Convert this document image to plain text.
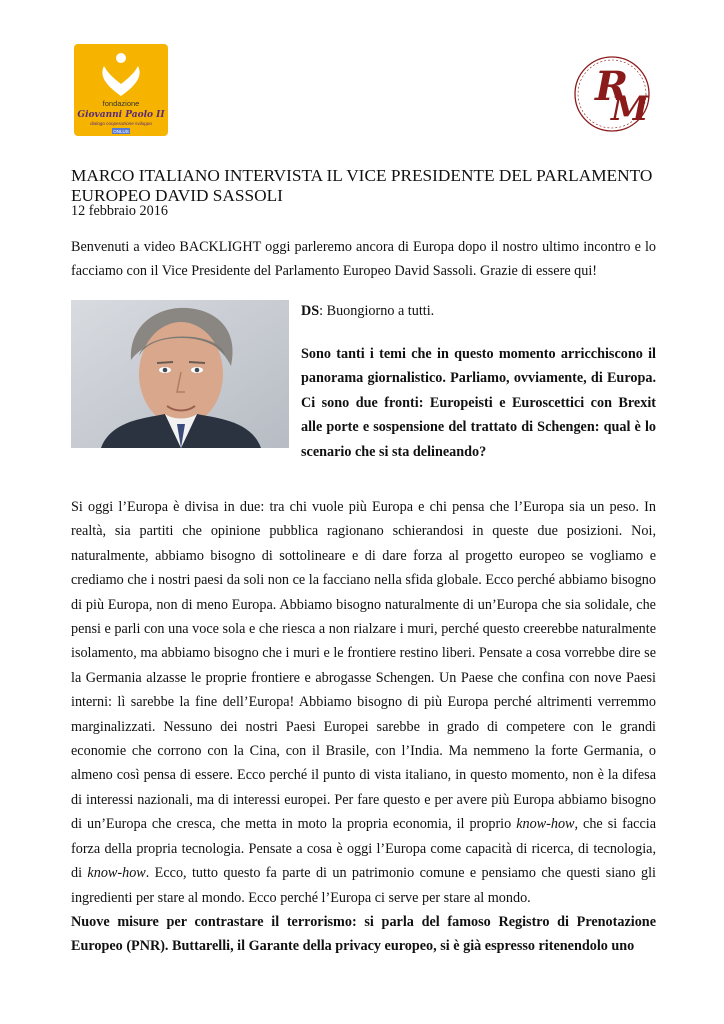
fondazione
Giovanni Paolo II
dialogo cooperazione sviluppo
ONLUS
R
M
MARCO ITALIANO INTERVISTA IL VICE PRESIDENTE DEL PARLAMENTO EUROPEO DAVID SASSOLI
12 febbraio 2016

Benvenuti a video BACKLIGHT oggi parleremo ancora di Europa dopo il nostro ultimo incontro e lo facciamo con il Vice Presidente del Parlamento Europeo David Sassoli. Grazie di essere qui!

DS: Buongiorno a tutti.

Sono tanti i temi che in questo momento arricchiscono il panorama giornalistico. Parliamo, ovviamente, di Europa. Ci sono due fronti: Europeisti e Euroscettici con Brexit alle porte e sospensione del trattato di Schengen: qual è lo scenario che si sta delineando?

Si oggi l’Europa è divisa in due: tra chi vuole più Europa e chi pensa che l’Europa sia un peso. In realtà, sia partiti che opinione pubblica ragionano schierandosi in queste due posizioni. Noi, naturalmente, abbiamo bisogno di sottolineare e di dare forza al progetto europeo se vogliamo e crediamo che i nostri paesi da soli non ce la facciano nella sfida globale. Ecco perché abbiamo bisogno di più Europa, non di meno Europa. Abbiamo bisogno naturalmente di un’Europa che sia solidale, che pensi e parli con una voce sola e che riesca a non rialzare i muri, perché questo creerebbe naturalmente isolamento, ma abbiamo bisogno che i muri e le frontiere restino liberi. Pensate a cosa vorrebbe dire se la Germania alzasse le proprie frontiere e abrogasse Schengen. Un Paese che confina con nove Paesi interni: lì sarebbe la fine dell’Europa! Abbiamo bisogno di più Europa perché altrimenti verremmo marginalizzati. Nessuno dei nostri Paesi Europei sarebbe in grado di competere con le grandi economie che corrono con la Cina, con il Brasile, con l’India. Ma nemmeno la forte Germania, o almeno così pensa di essere. Ecco perché il punto di vista italiano, in questo momento, non è la difesa di interessi nazionali, ma di interessi europei. Per fare questo e per avere più Europa abbiamo bisogno di un’Europa che cresca, che metta in moto la propria economia, il proprio know-how, che si faccia forza della propria tecnologia. Pensate a cosa è oggi l’Europa come capacità di ricerca, di tecnologia, di know-how. Ecco, tutto questo fa parte di un patrimonio comune e pensiamo che questi siano gli ingredienti per stare al mondo. Ecco perché l’Europa ci serve per stare al mondo.

Nuove misure per contrastare il terrorismo: si parla del famoso Registro di Prenotazione Europeo (PNR). Buttarelli, il Garante della privacy europeo, si è già espresso ritenendolo uno
